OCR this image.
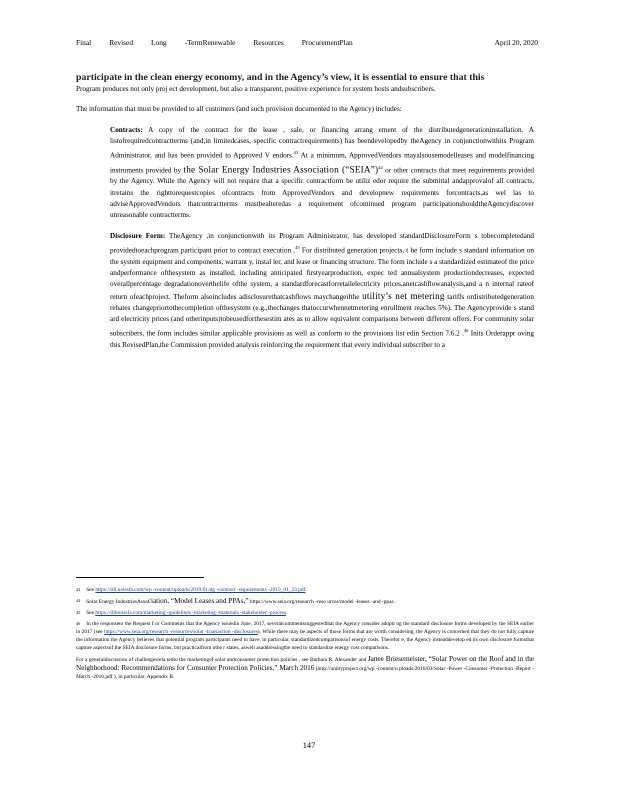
Final Revised Long -TermRenewable Resources ProcurementPlan	April 20, 2020

participate in the clean energy economy, and in the Agency’s view, it is essential to ensure that this

Program produces not only proj ect development, but also a transparent, positive experience for system hosts andsubscribers.

The information that must be provided to all customers (and such provision documented to the Agency) includes:

Contracts: A copy of the contract for the lease , sale, or financing arrang ement of the distributedgenerationinstallation. A listofrequiredcontractterms (and,in limitedcases, specific contractrequirements) has beendevelopedby theAgency in conjunctionwithits Program Administrator, and has been provided to Approved V endors.$^{43}$ At a minimum, ApprovedVendors mayalsousemodelleases and modelfinancing instruments provided by the Solar Energy Industries Association (“SEIA”)$^{44}$ or other contracts that meet requirements provided by the Agency. While the Agency will not require that a specific contractform be utiliz edor require the submittal andapprovalof all contracts, itretains the righttorequestcopies ofcontracts from ApprovedVendors and developnew requirements forcontracts,as wel las to adviseApprovedVendors thatcontractterms mustbealteredas a requirement ofcontinued program participationshouldtheAgencydiscover unreasonable contractterms.

Disclosure Form: TheAgency ,in conjunctionwith its Program Administrator, has developed standardDisclosureForm s tobecompletedand providedtoeachprogram participant prior to contract execution .$^{45}$ For distributed generation projects, t he form include s standard information on the system equipment and components, warrant y, instal ler, and lease or financing structure. The form include s a standardized estimateof the price andperformance ofthesystem as installed, including anticipated firstyearproduction, expec ted annualsystem productiondecreases, expected overallpercentage degradationoverthelife ofthe system, a standardforecastforretailelectricity prices,anetcashflowanalysis,and a n internal rateof return ofeachproject. Theform alsoincludes adisclosurethatcashflows maychangeifthe utility’s net metering tariffs ordistributedgeneration rebates changepriortothecompletion ofthesystem (e.g.,thechanges thatoccurwhennetmetering enrollment reaches 5%). The Agencyprovide s stand ard electricity prices (and otherinputs)tobeusedforthesestim ates as to allow equivalent comparisons between different offers. For community solar subscribers, the form includes similar applicable provisions as well as conform to the provisions list edin Section 7.6.2 .$^{46}$ Inits Orderappr oving this RevisedPlan,the Commission provided analysis reinforcing the requirement that every individual subscriber to a

$^{43}$ See https://illi noissfa.com/wp -content/uploads/2019/01/dg -contract -requirements -2019_01_23.pdf.

$^{44}$ Solar Energy IndustriesAssociation, “Model Leases and PPAs,” https://www.seia.org/research -reso urces/model -leases -and -ppas .

$^{45}$ See https://illinoissfa.com/marketing -guidelines -marketing -materials -stakeholder -process.

$^{46}$ In the responseto the Request f or Comments that the Agency issuedin June, 2017, severalcommentssuggestedthat the Agency consider adopti ng the standard disclosure forms developed by the SEIA earlier in 2017 (see https://www.seia.org/research -resources/solar -transaction -disclosures). While there may be aspects of those forms that are worth considering, the Agency is concerned that they do not fully capture the information the Agency believes that potential program participants need to have, in particular, standardizedcomparisonsof energy costs. Therefor e, the Agency insteaddevelop ed its own disclosure formsthat capture aspectsof the SEIA disclosure forms, but practicalfrom othe r states, aswell asaddressingthe need to standardize energy cost comparisons.

For a generaldiscussion of challengesrela tedto the marketingof solar andconsumer protection policies , see Barbara R. Alexander and Janee Briesemeister, “Solar Power on the Roof and in the Neighborhood: Recommendations for Consumer Protection Policies,” March 2016 (http://uniltyproject.org/wp -content/u ploads/2016/03/Solar -Power -Consumer -Protection -Report -March -2016.pdf ), in particular, Appendix B.

147
